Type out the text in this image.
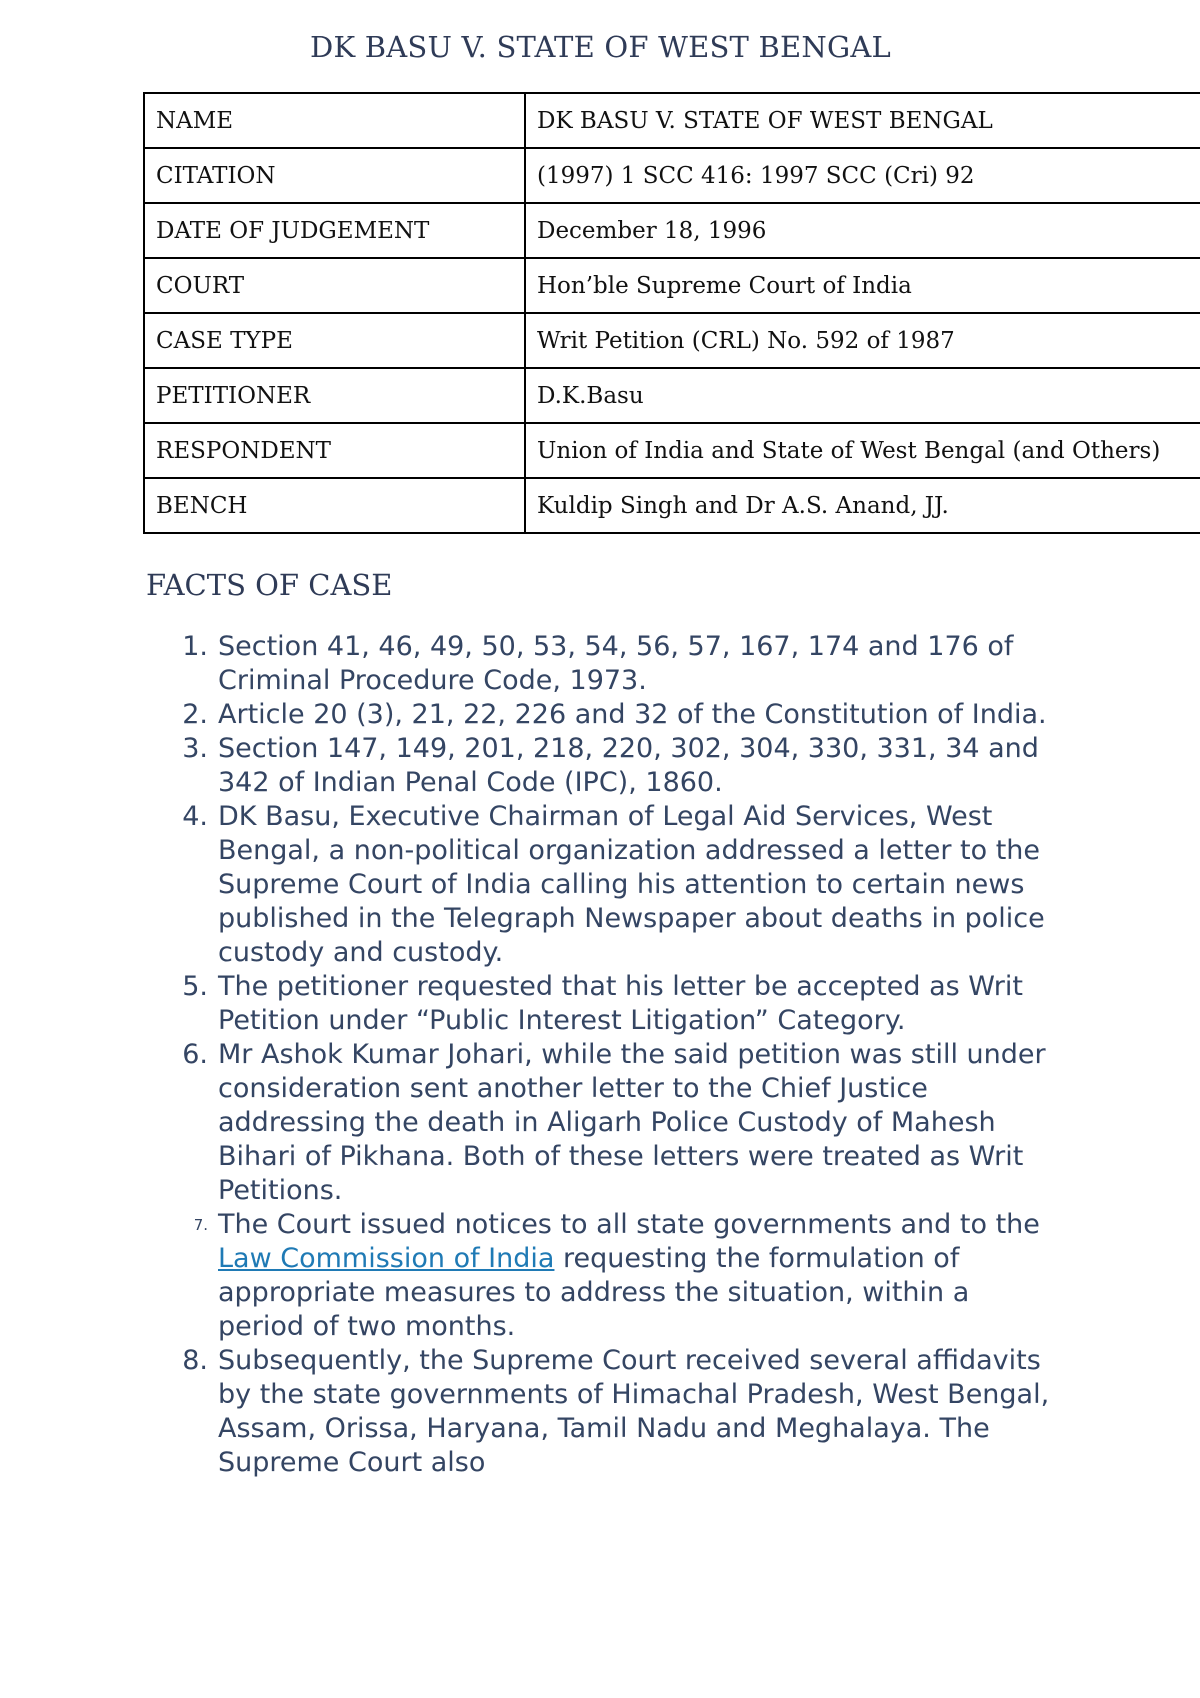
DK BASU V. STATE OF WEST BENGAL
NAME	DK BASU V. STATE OF WEST BENGAL
CITATION	(1997) 1 SCC 416: 1997 SCC (Cri) 92
DATE OF JUDGEMENT	December 18, 1996
COURT	Hon’ble Supreme Court of India
CASE TYPE	Writ Petition (CRL) No. 592 of 1987
PETITIONER	D.K.Basu
RESPONDENT	Union of India and State of West Bengal (and Others)
BENCH	Kuldip Singh and Dr A.S. Anand, JJ.
FACTS OF CASE
1. Section 41, 46, 49, 50, 53, 54, 56, 57, 167, 174 and 176 of Criminal Procedure Code, 1973.
2. Article 20 (3), 21, 22, 226 and 32 of the Constitution of India.
3. Section 147, 149, 201, 218, 220, 302, 304, 330, 331, 34 and 342 of Indian Penal Code (IPC), 1860.
4. DK Basu, Executive Chairman of Legal Aid Services, West Bengal, a non-political organization addressed a letter to the Supreme Court of India calling his attention to certain news published in the Telegraph Newspaper about deaths in police custody and custody.
5. The petitioner requested that his letter be accepted as Writ Petition under “Public Interest Litigation” Category.
6. Mr Ashok Kumar Johari, while the said petition was still under consideration sent another letter to the Chief Justice addressing the death in Aligarh Police Custody of Mahesh Bihari of Pikhana. Both of these letters were treated as Writ Petitions.
7. The Court issued notices to all state governments and to the Law Commission of India requesting the formulation of appropriate measures to address the situation, within a period of two months.
8. Subsequently, the Supreme Court received several affidavits by the state governments of Himachal Pradesh, West Bengal, Assam, Orissa, Haryana, Tamil Nadu and Meghalaya. The Supreme Court also
